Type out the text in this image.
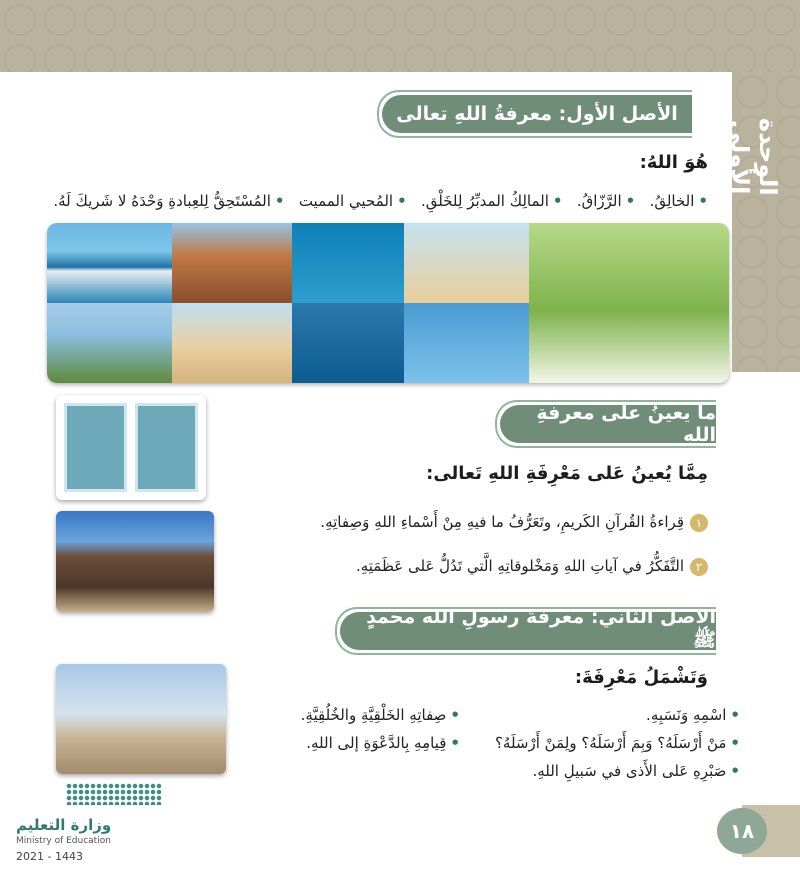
الوحدة الأولى
الأصل الأول: معرفةُ اللهِ تعالى
هُوَ اللهُ:
•الخالِقُ.   •الرَّزّاقُ.   •المالِكُ المدبِّرُ لِلخَلْقِ.   •المُحيي المميت   •المُسْتَحِقُّ لِلعِبادةِ وَحْدَهُ لا شَريكَ لَهُ.
ما يعينُ على معرفةِ اللهِ
مِمَّا يُعينُ عَلى مَعْرِفَةِ اللهِ تَعالى:
١قِراءةُ القُرآنِ الكَريمِ، وتَعَرُّفُ ما فيهِ مِنْ أَسْماءِ اللهِ وَصِفاتِهِ.
٢التَّفَكُّرُ في آياتِ اللهِ وَمَخْلوقاتِهِ الَّتي تَدُلُّ عَلى عَظَمَتِهِ.
الأصل الثاني: معرفةُ رسولِ الله محمدٍ ﷺ
وَتَشْمَلُ مَعْرِفَةَ:
•اسْمِهِ وَنَسَبِهِ.
•مَنْ أَرْسَلَهُ؟ وَبِمَ أَرْسَلَهُ؟ ولِمَنْ أَرْسَلَهُ؟
•صَبْرِهِ عَلى الأَذى في سَبيلِ اللهِ.
•صِفاتِهِ الخَلْقِيَّةِ والخُلُقِيَّةِ.
•قِيامِهِ بِالدَّعْوَةِ إلى اللهِ.
وزارة التعليم
Ministry of Education
2021 - 1443
١٨
